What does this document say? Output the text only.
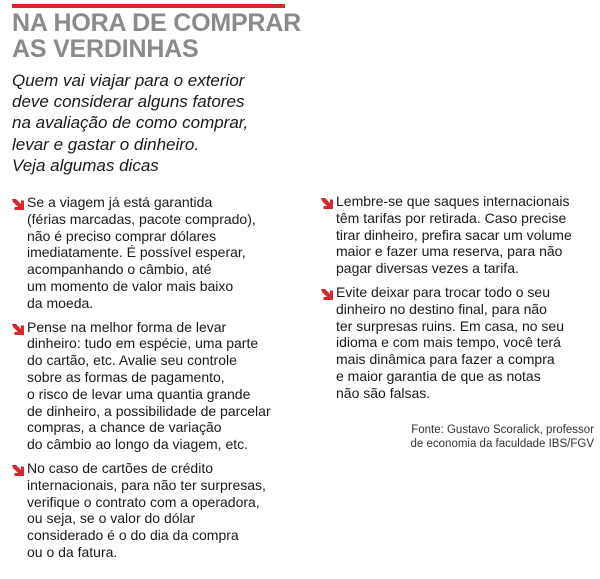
NA HORA DE COMPRAR
AS VERDINHAS
Quem vai viajar para o exterior
deve considerar alguns fatores
na avaliação de como comprar,
levar e gastar o dinheiro.
Veja algumas dicas
Se a viagem já está garantida
(férias marcadas, pacote comprado),
não é preciso comprar dólares
imediatamente. É possível esperar,
acompanhando o câmbio, até
um momento de valor mais baixo
da moeda.
Pense na melhor forma de levar
dinheiro: tudo em espécie, uma parte
do cartão, etc. Avalie seu controle
sobre as formas de pagamento,
o risco de levar uma quantia grande
de dinheiro, a possibilidade de parcelar
compras, a chance de variação
do câmbio ao longo da viagem, etc.
No caso de cartões de crédito
internacionais, para não ter surpresas,
verifique o contrato com a operadora,
ou seja, se o valor do dólar
considerado é o do dia da compra
ou o da fatura.
Lembre-se que saques internacionais
têm tarifas por retirada. Caso precise
tirar dinheiro, prefira sacar um volume
maior e fazer uma reserva, para não
pagar diversas vezes a tarifa.
Evite deixar para trocar todo o seu
dinheiro no destino final, para não
ter surpresas ruins. Em casa, no seu
idioma e com mais tempo, você terá
mais dinâmica para fazer a compra
e maior garantia de que as notas
não são falsas.
Fonte: Gustavo Scoralick, professor
de economia da faculdade IBS/FGV
